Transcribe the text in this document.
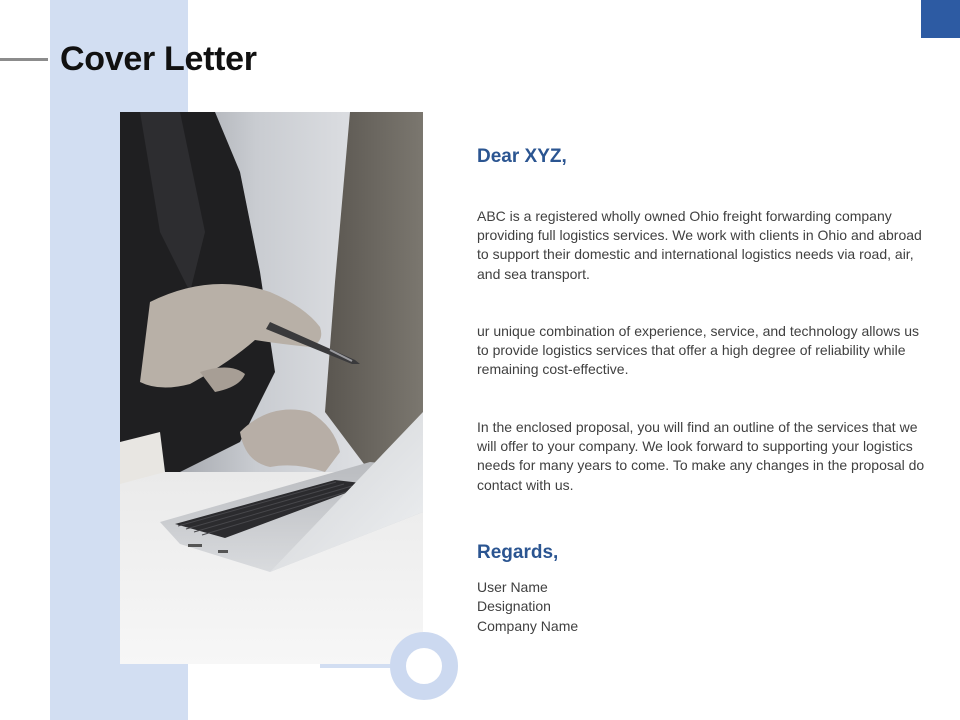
Cover Letter
Dear XYZ,

ABC is a registered wholly owned Ohio freight forwarding company providing full logistics services. We work with clients in Ohio and abroad to support their domestic and international logistics needs via road, air, and sea transport.

ur unique combination of experience, service, and technology allows us to provide logistics services that offer a high degree of reliability while remaining cost-effective.

In the enclosed proposal, you will find an outline of the services that we will offer to your company. We look forward to supporting your logistics needs for many years to come. To make any changes in the proposal do contact with us.

Regards,

User Name

Designation

Company Name
